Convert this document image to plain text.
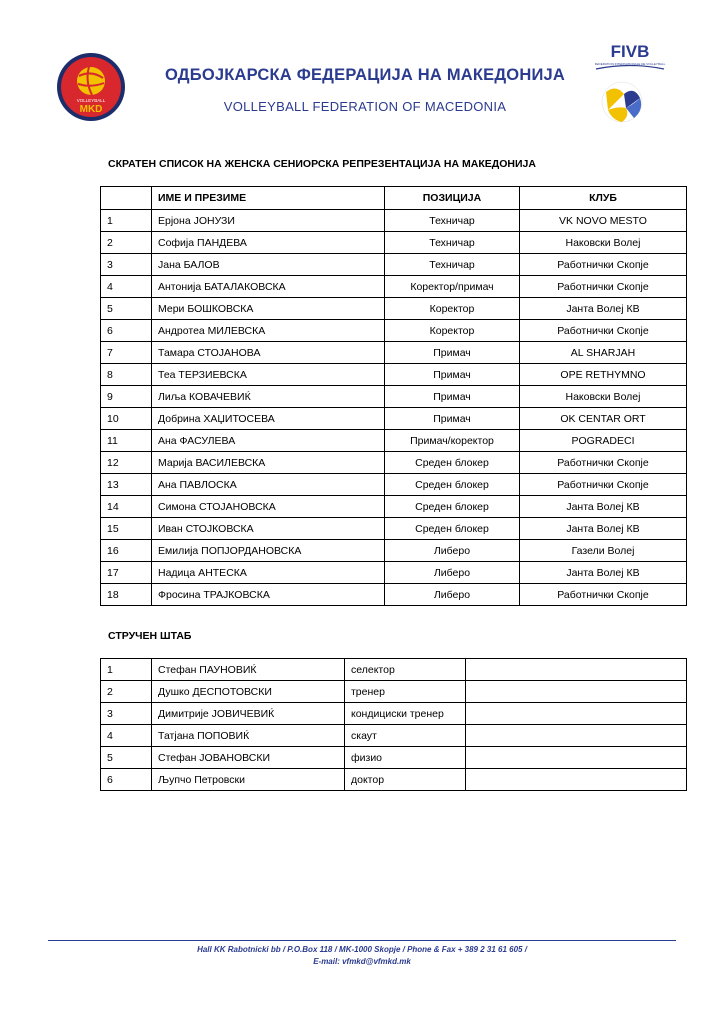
VOLLEYBALL
MKD
ОДБОЈКАРСКА ФЕДЕРАЦИЈА НА МАКЕДОНИЈА
VOLLEYBALL FEDERATION OF MACEDONIA
FIVB
FEDERATION INTERNATIONALE DE VOLLEYBALL
СКРАТЕН СПИСОК НА ЖЕНСКА СЕНИОРСКА РЕПРЕЗЕНТАЦИЈА НА МАКЕДОНИЈА
	ИМЕ И ПРЕЗИМЕ	ПОЗИЦИЈА	КЛУБ
1	Ерјона ЈОНУЗИ	Техничар	VK NOVO MESTO
2	Софија ПАНДЕВА	Техничар	Наковски Волеј
3	Јана БАЛОВ	Техничар	Работнички Скопје
4	Антонија БАТАЛАКОВСКА	Коректор/примач	Работнички Скопје
5	Мери БОШКОВСКА	Коректор	Јанта Волеј КВ
6	Андротеа МИЛЕВСКА	Коректор	Работнички Скопје
7	Тамара СТОЈАНОВА	Примач	AL SHARJAH
8	Теа ТЕРЗИЕВСКА	Примач	OPE RETHYMNO
9	Лиља КОВАЧЕВИЌ	Примач	Наковски Волеј
10	Добрина ХАЏИТОСЕВА	Примач	OK CENTAR ORT
11	Ана ФАСУЛЕВА	Примач/коректор	POGRADECI
12	Марија ВАСИЛЕВСКА	Среден блокер	Работнички Скопје
13	Ана ПАВЛОСКА	Среден блокер	Работнички Скопје
14	Симона СТОЈАНОВСКА	Среден блокер	Јанта Волеј КВ
15	Иван СТОЈКОВСКА	Среден блокер	Јанта Волеј КВ
16	Емилија ПОПЈОРДАНОВСКА	Либеро	Газели Волеј
17	Надица АНТЕСКА	Либеро	Јанта Волеј КВ
18	Фросина ТРАЈКОВСКА	Либеро	Работнички Скопје
СТРУЧЕН ШТАБ
1	Стефан ПАУНОВИЌ	селектор	
2	Душко ДЕСПОТОВСКИ	тренер	
3	Димитрије ЈОВИЧЕВИЌ	кондициски тренер	
4	Татјана ПОПОВИЌ	скаут	
5	Стефан ЈОВАНОВСКИ	физио	
6	Љупчо Петровски	доктор	
Hall KK Rabotnicki bb / P.O.Box 118 / MK-1000 Skopje / Phone & Fax + 389 2 31 61 605 /
E-mail: vfmkd@vfmkd.mk
